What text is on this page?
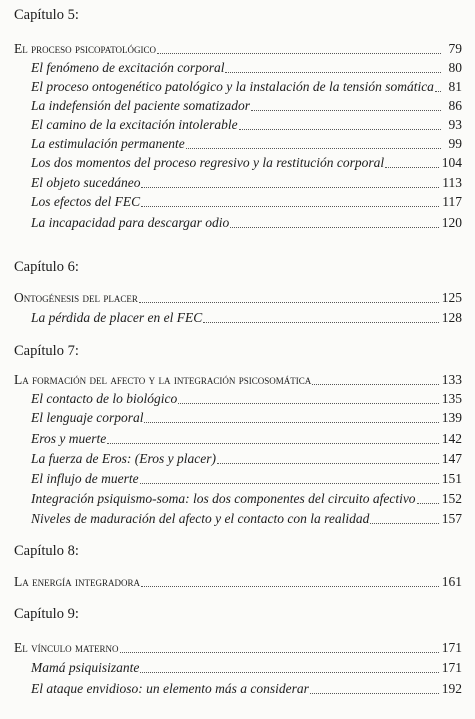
Capítulo 5:
El proceso psicopatológico	79
El fenómeno de excitación corporal	80
El proceso ontogenético patológico y la instalación de la tensión somática	81
La indefensión del paciente somatizador	86
El camino de la excitación intolerable	93
La estimulación permanente	99
Los dos momentos del proceso regresivo y la restitución corporal	104
El objeto sucedáneo	113
Los efectos del FEC	117
La incapacidad para descargar odio	120
Capítulo 6:
Ontogénesis del placer	125
La pérdida de placer en el FEC	128
Capítulo 7:
La formación del afecto y la integración psicosomática	133
El contacto de lo biológico	135
El lenguaje corporal	139
Eros y muerte	142
La fuerza de Eros: (Eros y placer)	147
El influjo de muerte	151
Integración psiquismo-soma: los dos componentes del circuito afectivo 152
Niveles de maduración del afecto y el contacto con la realidad	157
Capítulo 8:
La energía integradora	161
Capítulo 9:
El vínculo materno	171
Mamá psiquisizante	171
El ataque envidioso: un elemento más a considerar	192
